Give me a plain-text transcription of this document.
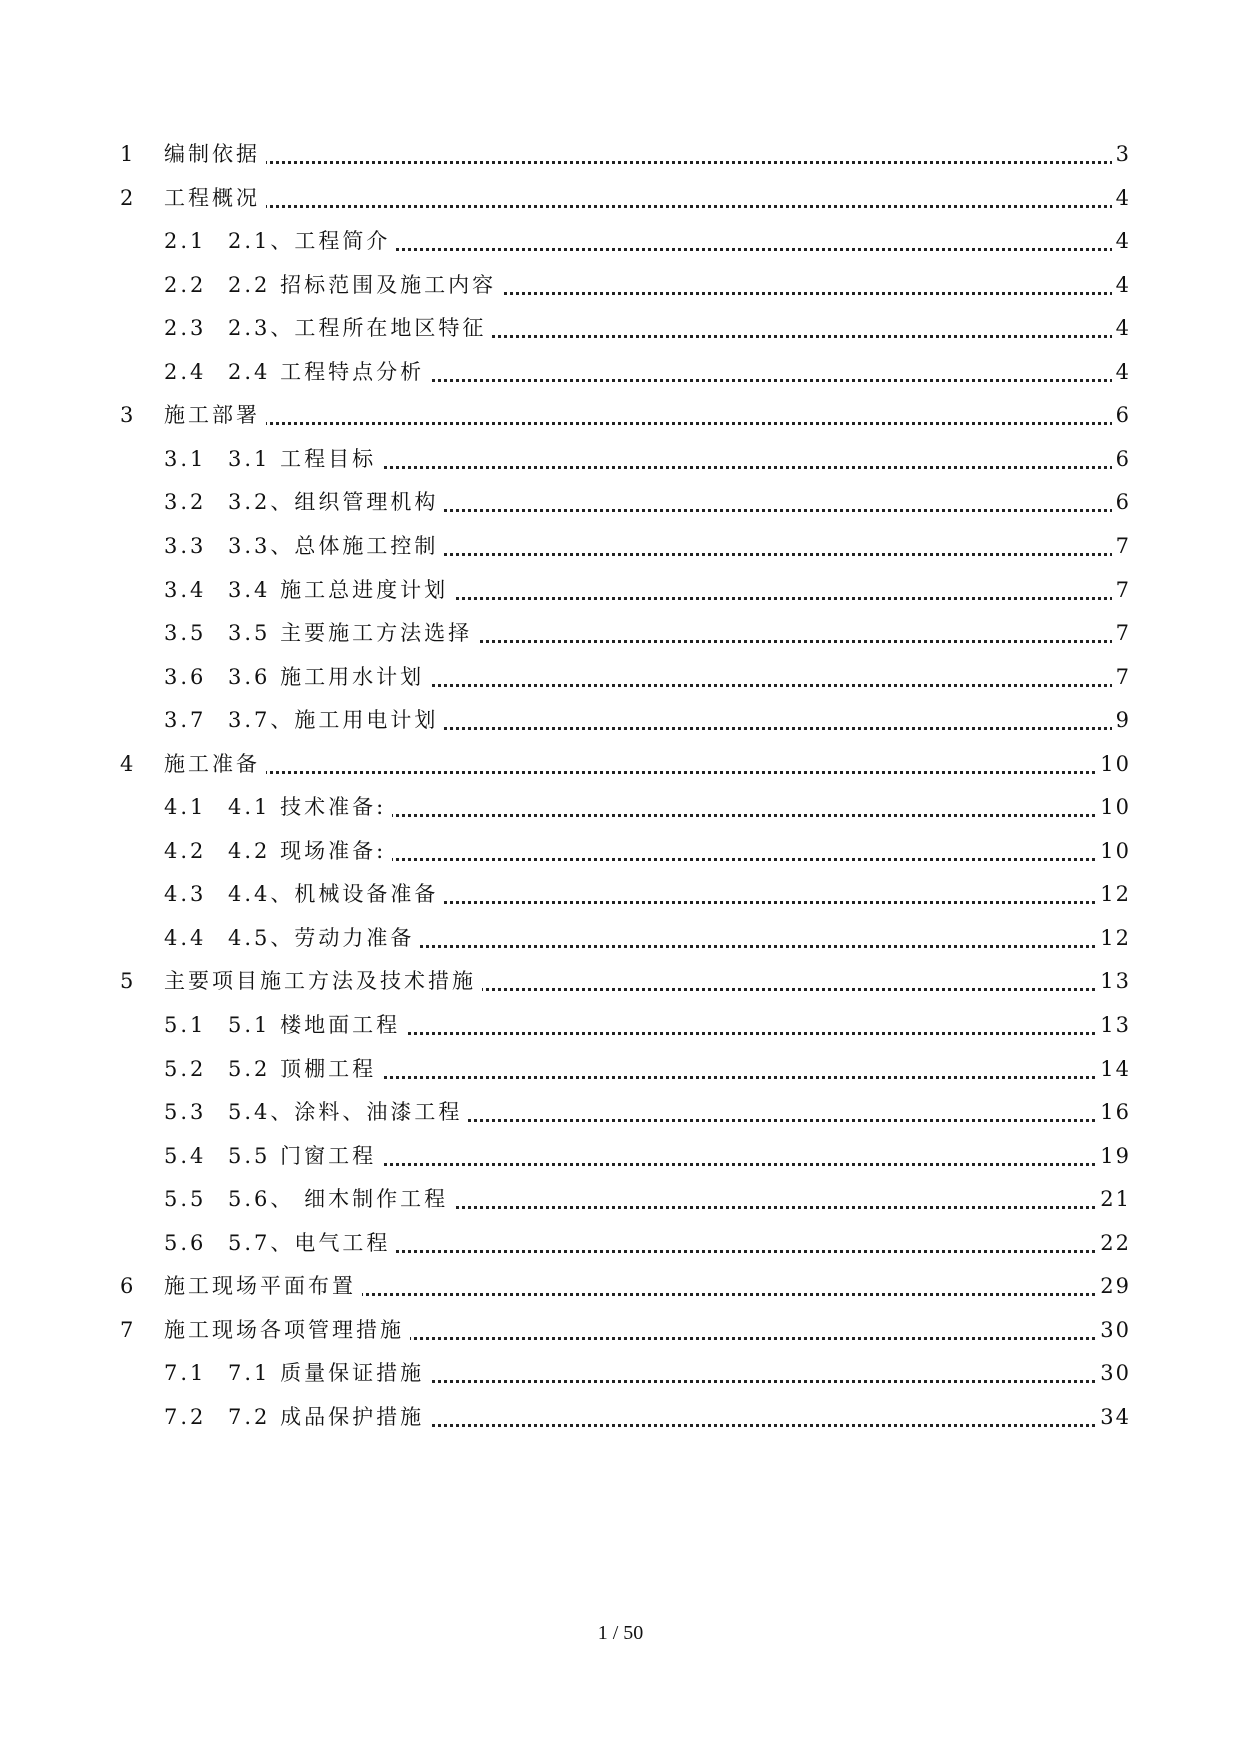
1 编制依据	3
2 工程概况	4
2.1 2.1、工程简介	4
2.2 2.2 招标范围及施工内容	4
2.3 2.3、工程所在地区特征	4
2.4 2.4 工程特点分析	4
3 施工部署	6
3.1 3.1 工程目标	6
3.2 3.2、组织管理机构	6
3.3 3.3、总体施工控制	7
3.4 3.4 施工总进度计划	7
3.5 3.5 主要施工方法选择	7
3.6 3.6 施工用水计划	7
3.7 3.7、施工用电计划	9
4 施工准备	10
4.1 4.1 技术准备:	10
4.2 4.2 现场准备:	10
4.3 4.4、机械设备准备	12
4.4 4.5、劳动力准备	12
5 主要项目施工方法及技术措施	13
5.1 5.1 楼地面工程	13
5.2 5.2 顶棚工程	14
5.3 5.4、涂料、油漆工程	16
5.4 5.5 门窗工程	19
5.5 5.6、 细木制作工程	21
5.6 5.7、电气工程	22
6 施工现场平面布置	29
7 施工现场各项管理措施	30
7.1 7.1 质量保证措施	30
7.2 7.2 成品保护措施	34
1 / 50
